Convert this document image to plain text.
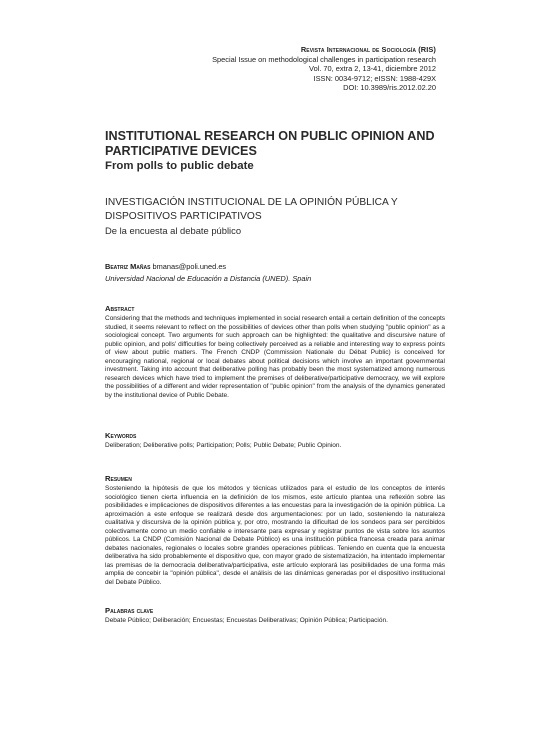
Revista Internacional de Sociología (RIS)
Special Issue on methodological challenges in participation research
Vol. 70, extra 2, 13-41, diciembre 2012
ISSN: 0034-9712; eISSN: 1988-429X
DOI: 10.3989/ris.2012.02.20
INSTITUTIONAL RESEARCH ON PUBLIC OPINION AND PARTICIPATIVE DEVICES
From polls to public debate
INVESTIGACIÓN INSTITUCIONAL DE LA OPINIÓN PÚBLICA Y DISPOSITIVOS PARTICIPATIVOS
De la encuesta al debate público
Beatriz Mañas bmanas@poli.uned.es
Universidad Nacional de Educación a Distancia (UNED). Spain
Abstract

Considering that the methods and techniques implemented in social research entail a certain definition of the concepts studied, it seems relevant to reflect on the possibilities of devices other than polls when studying "public opinion" as a sociological concept. Two arguments for such approach can be highlighted: the qualitative and discursive nature of public opinion, and polls' difficulties for being collectively perceived as a reliable and interesting way to express points of view about public matters. The French CNDP (Commission Nationale du Débat Public) is conceived for encouraging national, regional or local debates about political decisions which involve an important governmental investment. Taking into account that deliberative polling has probably been the most systematized among numerous research devices which have tried to implement the premises of deliberative/participative democracy, we will explore the possibilities of a different and wider representation of "public opinion" from the analysis of the dynamics generated by the institutional device of Public Debate.

Keywords

Deliberation; Deliberative polls; Participation; Polls; Public Debate; Public Opinion.

Resumen

Sosteniendo la hipótesis de que los métodos y técnicas utilizados para el estudio de los conceptos de interés sociológico tienen cierta influencia en la definición de los mismos, este artículo plantea una reflexión sobre las posibilidades e implicaciones de dispositivos diferentes a las encuestas para la investigación de la opinión pública. La aproximación a este enfoque se realizará desde dos argumentaciones: por un lado, sosteniendo la naturaleza cualitativa y discursiva de la opinión pública y, por otro, mostrando la dificultad de los sondeos para ser percibidos colectivamente como un medio confiable e interesante para expresar y registrar puntos de vista sobre los asuntos públicos. La CNDP (Comisión Nacional de Debate Público) es una institución pública francesa creada para animar debates nacionales, regionales o locales sobre grandes operaciones públicas. Teniendo en cuenta que la encuesta deliberativa ha sido probablemente el dispositivo que, con mayor grado de sistematización, ha intentado implementar las premisas de la democracia deliberativa/participativa, este artículo explorará las posibilidades de una forma más amplia de concebir la "opinión pública", desde el análisis de las dinámicas generadas por el dispositivo institucional del Debate Público.

Palabras clave

Debate Público; Deliberación; Encuestas; Encuestas Deliberativas; Opinión Pública; Participación.
